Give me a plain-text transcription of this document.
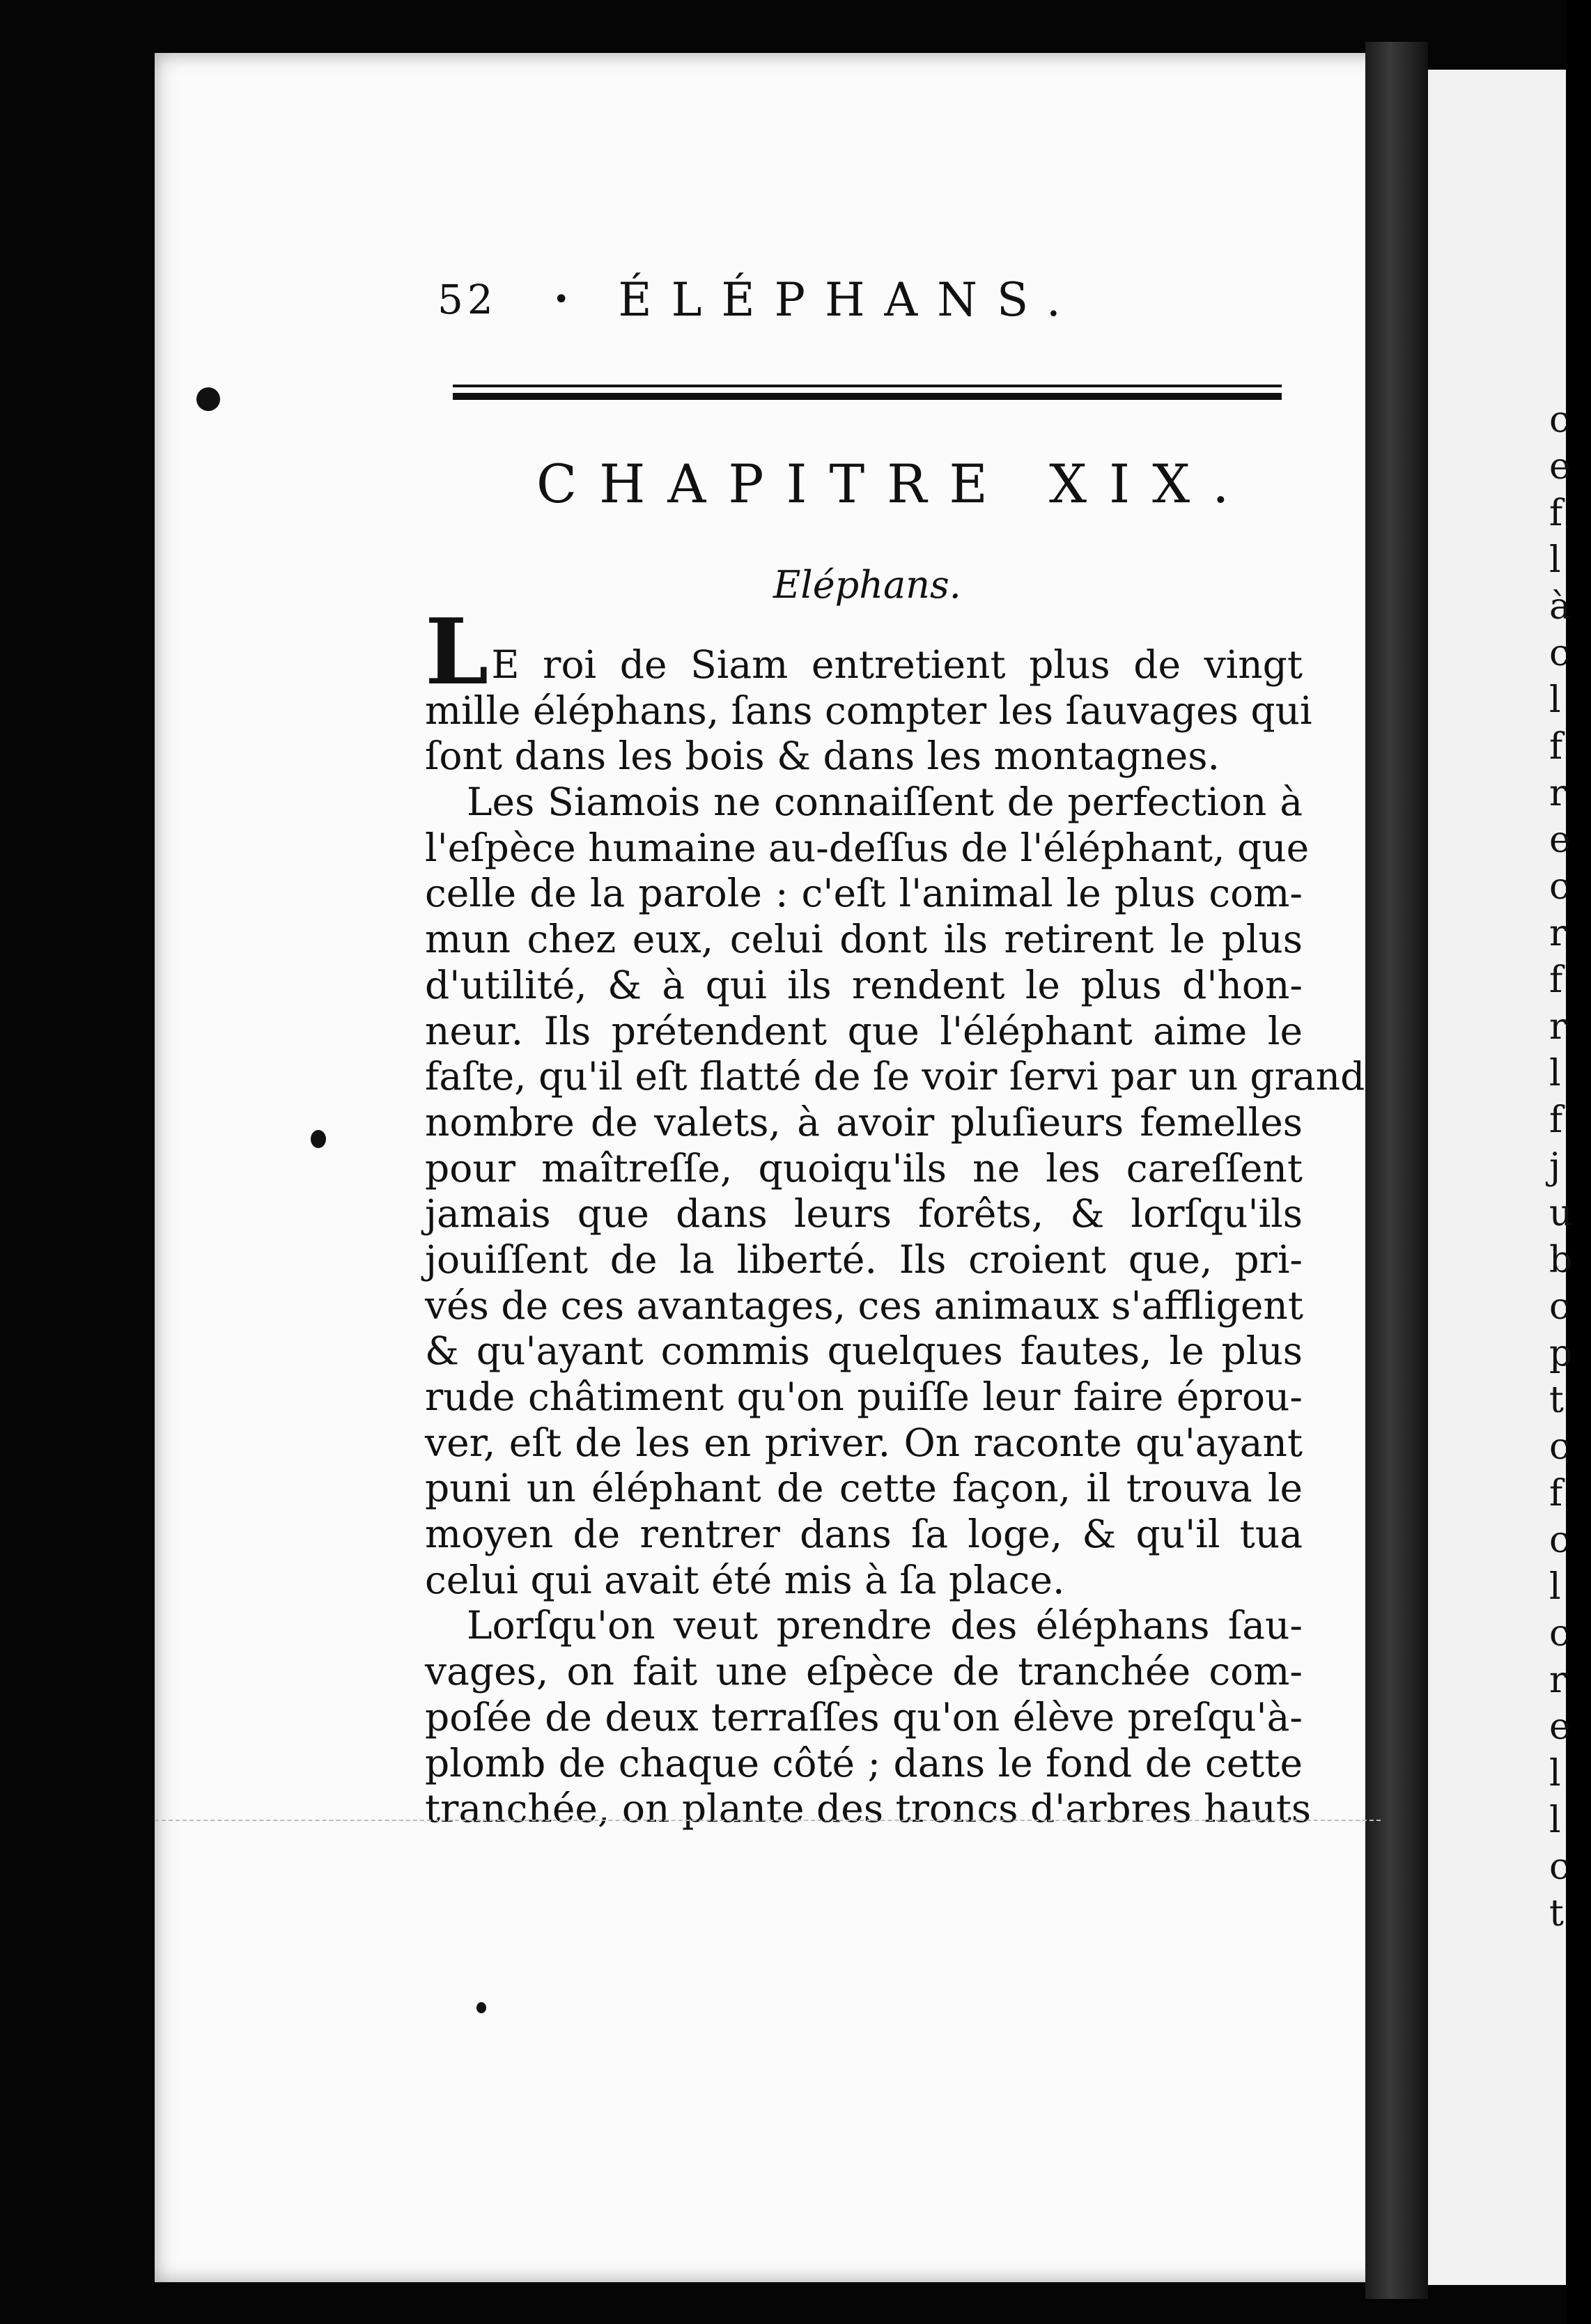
c
e
f
l
à
c
l
f
r
e
c
r
f
r
l
f
j
u
b
c
p
t
c
f
c
l
c
r
e
l
l
c
t
52 • ÉLÉPHANS.
CHAPITRE XIX.
Eléphans.
LE roi de Siam entretient plus de vingt
mille éléphans, ſans compter les ſauvages qui
ſont dans les bois & dans les montagnes.
Les Siamois ne connaiſſent de perfection à
l'eſpèce humaine au-deſſus de l'éléphant, que
celle de la parole : c'eſt l'animal le plus com-
mun chez eux, celui dont ils retirent le plus
d'utilité, & à qui ils rendent le plus d'hon-
neur. Ils prétendent que l'éléphant aime le
faſte, qu'il eſt flatté de ſe voir ſervi par un grand
nombre de valets, à avoir pluſieurs femelles
pour maîtreſſe, quoiqu'ils ne les careſſent
jamais que dans leurs forêts, & lorſqu'ils
jouiſſent de la liberté. Ils croient que, pri-
vés de ces avantages, ces animaux s'affligent
& qu'ayant commis quelques fautes, le plus
rude châtiment qu'on puiſſe leur faire éprou-
ver, eſt de les en priver. On raconte qu'ayant
puni un éléphant de cette façon, il trouva le
moyen de rentrer dans ſa loge, & qu'il tua
celui qui avait été mis à ſa place.
Lorſqu'on veut prendre des éléphans ſau-
vages, on fait une eſpèce de tranchée com-
poſée de deux terraſſes qu'on élève preſqu'à-
plomb de chaque côté ; dans le fond de cette
tranchée, on plante des troncs d'arbres hauts
